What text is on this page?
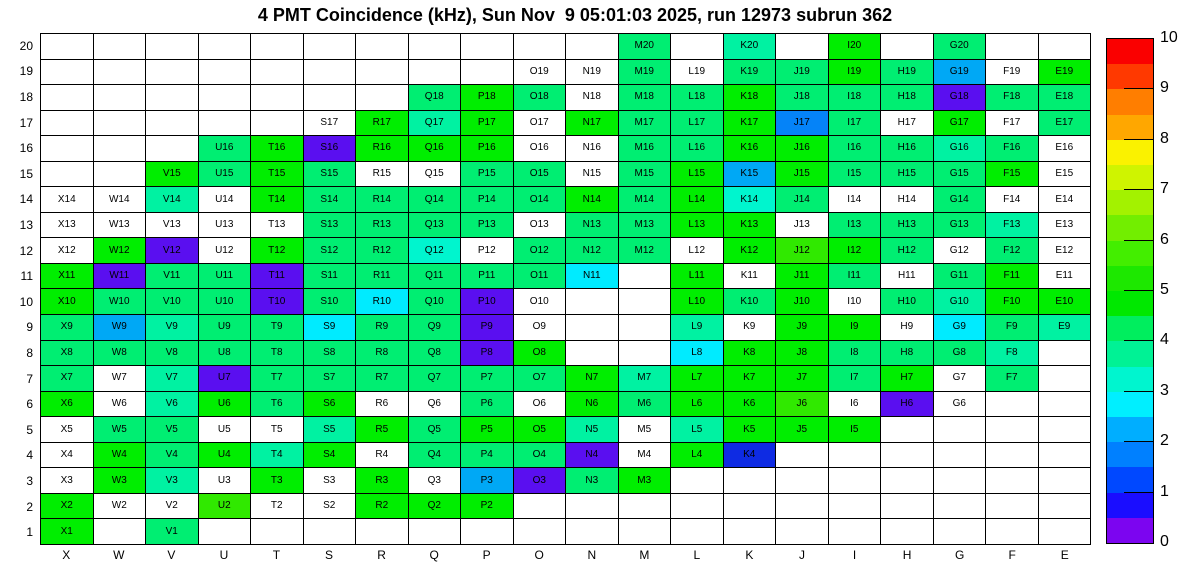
4 PMT Coincidence (kHz), Sun Nov  9 05:01:03 2025, run 12973 subrun 362
M20	K20	I20	G20
O19	N19	M19	L19	K19	J19	I19	H19	G19	F19	E19
Q18	P18	O18	N18	M18	L18	K18	J18	I18	H18	G18	F18	E18
S17	R17	Q17	P17	O17	N17	M17	L17	K17	J17	I17	H17	G17	F17	E17
U16	T16	S16	R16	Q16	P16	O16	N16	M16	L16	K16	J16	I16	H16	G16	F16	E16
V15	U15	T15	S15	R15	Q15	P15	O15	N15	M15	L15	K15	J15	I15	H15	G15	F15	E15
X14	W14	V14	U14	T14	S14	R14	Q14	P14	O14	N14	M14	L14	K14	J14	I14	H14	G14	F14	E14
X13	W13	V13	U13	T13	S13	R13	Q13	P13	O13	N13	M13	L13	K13	J13	I13	H13	G13	F13	E13
X12	W12	V12	U12	T12	S12	R12	Q12	P12	O12	N12	M12	L12	K12	J12	I12	H12	G12	F12	E12
X11	W11	V11	U11	T11	S11	R11	Q11	P11	O11	N11	L11	K11	J11	I11	H11	G11	F11	E11
X10	W10	V10	U10	T10	S10	R10	Q10	P10	O10	L10	K10	J10	I10	H10	G10	F10	E10
X9	W9	V9	U9	T9	S9	R9	Q9	P9	O9	L9	K9	J9	I9	H9	G9	F9	E9
X8	W8	V8	U8	T8	S8	R8	Q8	P8	O8	L8	K8	J8	I8	H8	G8	F8
X7	W7	V7	U7	T7	S7	R7	Q7	P7	O7	N7	M7	L7	K7	J7	I7	H7	G7	F7
X6	W6	V6	U6	T6	S6	R6	Q6	P6	O6	N6	M6	L6	K6	J6	I6	H6	G6
X5	W5	V5	U5	T5	S5	R5	Q5	P5	O5	N5	M5	L5	K5	J5	I5
X4	W4	V4	U4	T4	S4	R4	Q4	P4	O4	N4	M4	L4	K4
X3	W3	V3	U3	T3	S3	R3	Q3	P3	O3	N3	M3
X2	W2	V2	U2	T2	S2	R2	Q2	P2
X1	V1
20
19
18
17
16
15
14
13
12
11
10
9
8
7
6
5
4
3
2
1
X	W	V	U	T	S	R	Q	P	O	N	M	L	K	J	I	H	G	F	E
10
9
8
7
6
5
4
3
2
1
0
